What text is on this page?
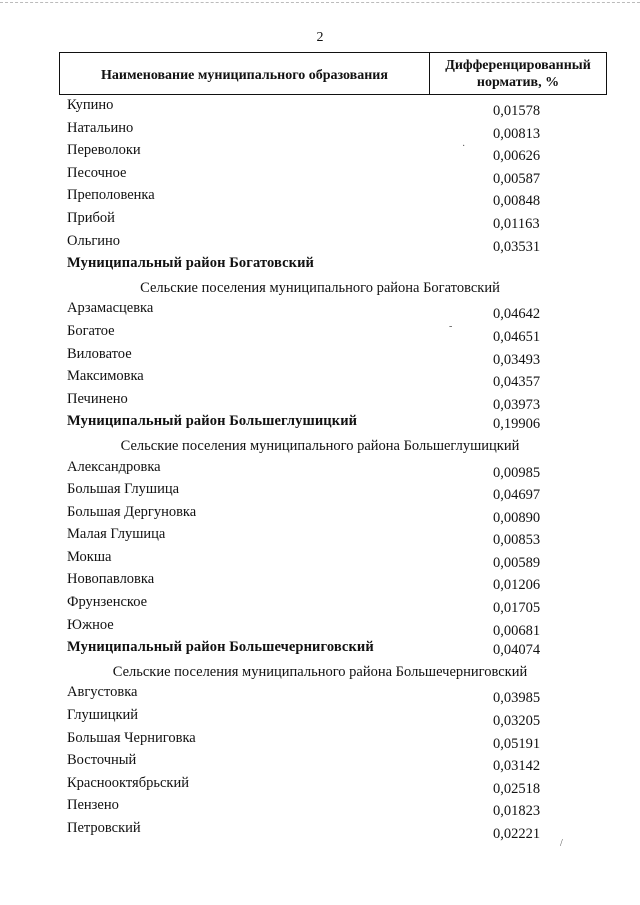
2
Наименование муниципального образования
Дифференцированный
норматив, %
Купино	0,01578
Натальино	0,00813
Переволоки	0,00626
Песочное	0,00587
Преполовенка	0,00848
Прибой	0,01163
Ольгино	0,03531
Муниципальный район Богатовский
Сельские поселения муниципального района Богатовский
Арзамасцевка	0,04642
Богатое	0,04651
Виловатое	0,03493
Максимовка	0,04357
Печинено	0,03973
Муниципальный район Большеглушицкий	0,19906
Сельские поселения муниципального района Большеглушицкий
Александровка	0,00985
Большая Глушица	0,04697
Большая Дергуновка	0,00890
Малая Глушица	0,00853
Мокша	0,00589
Новопавловка	0,01206
Фрунзенское	0,01705
Южное	0,00681
Муниципальный район Большечерниговский	0,04074
Сельские поселения муниципального района Большечерниговский
Августовка	0,03985
Глушицкий	0,03205
Большая Черниговка	0,05191
Восточный	0,03142
Краснооктябрьский	0,02518
Пензено	0,01823
Петровский	0,02221
·
-
/
